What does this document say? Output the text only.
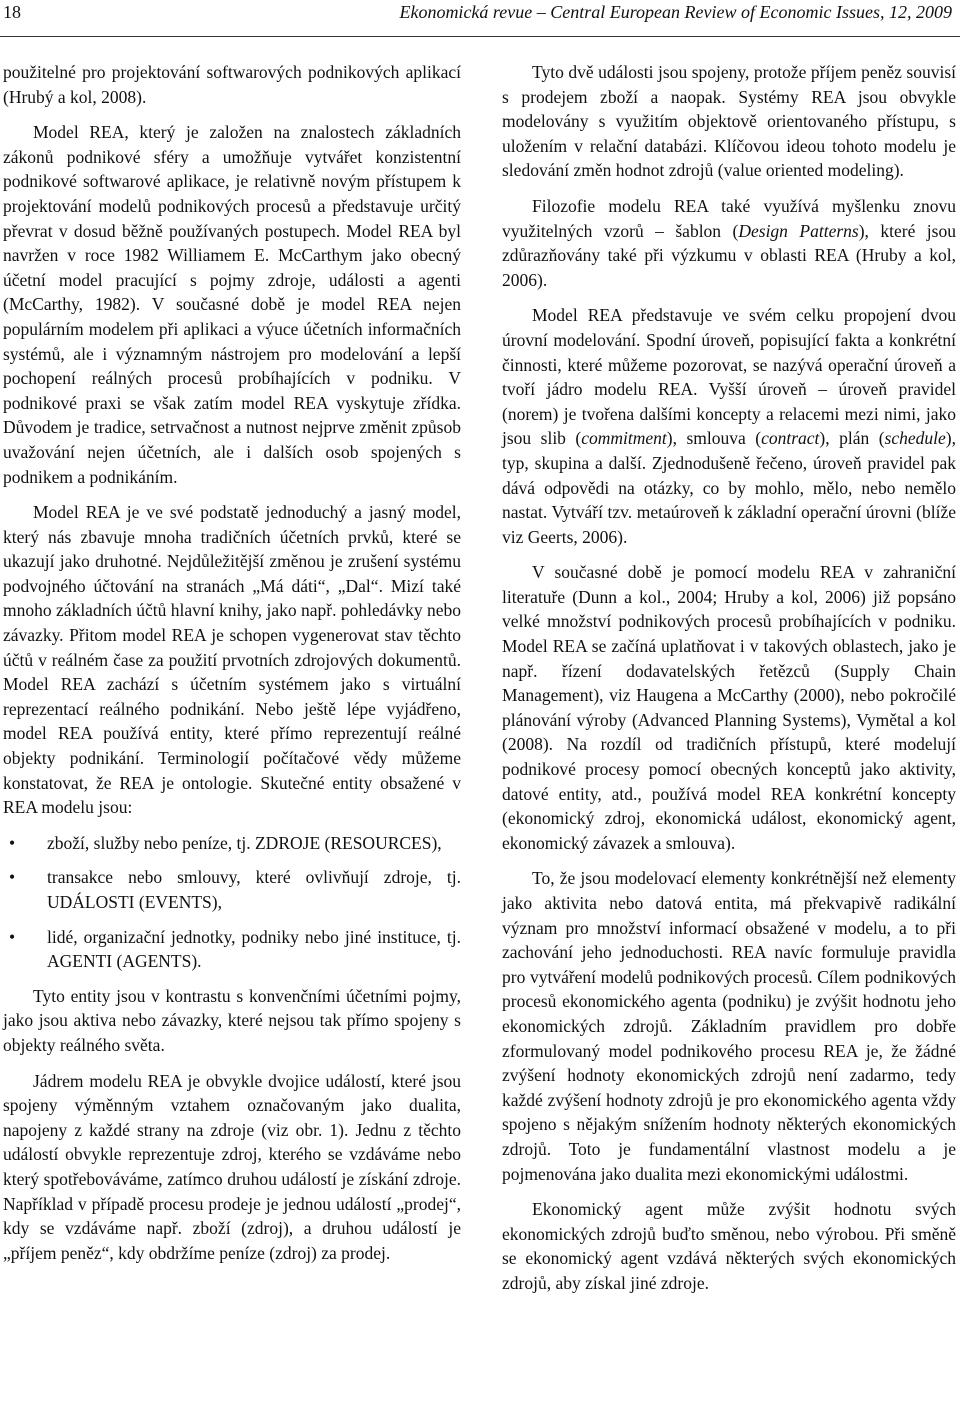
18	Ekonomická revue – Central European Review of Economic Issues, 12, 2009

použitelné pro projektování softwarových podnikových aplikací (Hrubý a kol, 2008).

Model REA, který je založen na znalostech základních zákonů podnikové sféry a umožňuje vytvářet konzistentní podnikové softwarové aplikace, je relativně novým přístupem k projektování modelů podnikových procesů a představuje určitý převrat v dosud běžně používaných postupech. Model REA byl navržen v roce 1982 Williamem E. McCarthym jako obecný účetní model pracující s pojmy zdroje, události a agenti (McCarthy, 1982). V současné době je model REA nejen populárním modelem při aplikaci a výuce účetních informačních systémů, ale i významným nástrojem pro modelování a lepší pochopení reálných procesů probíhajících v podniku. V podnikové praxi se však zatím model REA vyskytuje zřídka. Důvodem je tradice, setrvačnost a nutnost nejprve změnit způsob uvažování nejen účetních, ale i dalších osob spojených s podnikem a podnikáním.

Model REA je ve své podstatě jednoduchý a jasný model, který nás zbavuje mnoha tradičních účetních prvků, které se ukazují jako druhotné. Nejdůležitější změnou je zrušení systému podvojného účtování na stranách „Má dáti“, „Dal“. Mizí také mnoho základních účtů hlavní knihy, jako např. pohledávky nebo závazky. Přitom model REA je schopen vygenerovat stav těchto účtů v reálném čase za použití prvotních zdrojových dokumentů. Model REA zachází s účetním systémem jako s virtuální reprezentací reálného podnikání. Nebo ještě lépe vyjádřeno, model REA používá entity, které přímo reprezentují reálné objekty podnikání. Terminologií počítačové vědy můžeme konstatovat, že REA je ontologie. Skutečné entity obsažené v REA modelu jsou:

• zboží, služby nebo peníze, tj. ZDROJE (RESOURCES),
• transakce nebo smlouvy, které ovlivňují zdroje, tj. UDÁLOSTI (EVENTS),
• lidé, organizační jednotky, podniky nebo jiné instituce, tj. AGENTI (AGENTS).

Tyto entity jsou v kontrastu s konvenčními účetními pojmy, jako jsou aktiva nebo závazky, které nejsou tak přímo spojeny s objekty reálného světa.

Jádrem modelu REA je obvykle dvojice událostí, které jsou spojeny výměnným vztahem označovaným jako dualita, napojeny z každé strany na zdroje (viz obr. 1). Jednu z těchto událostí obvykle reprezentuje zdroj, kterého se vzdáváme nebo který spotřebováváme, zatímco druhou událostí je získání zdroje. Například v případě procesu prodeje je jednou událostí „prodej“, kdy se vzdáváme např. zboží (zdroj), a druhou událostí je „příjem peněz“, kdy obdržíme peníze (zdroj) za prodej.

Tyto dvě události jsou spojeny, protože příjem peněz souvisí s prodejem zboží a naopak. Systémy REA jsou obvykle modelovány s využitím objektově orientovaného přístupu, s uložením v relační databázi. Klíčovou ideou tohoto modelu je sledování změn hodnot zdrojů (value oriented modeling).

Filozofie modelu REA také využívá myšlenku znovu využitelných vzorů – šablon (Design Patterns), které jsou zdůrazňovány také při výzkumu v oblasti REA (Hruby a kol, 2006).

Model REA představuje ve svém celku propojení dvou úrovní modelování. Spodní úroveň, popisující fakta a konkrétní činnosti, které můžeme pozorovat, se nazývá operační úroveň a tvoří jádro modelu REA. Vyšší úroveň – úroveň pravidel (norem) je tvořena dalšími koncepty a relacemi mezi nimi, jako jsou slib (commitment), smlouva (contract), plán (schedule), typ, skupina a další. Zjednodušeně řečeno, úroveň pravidel pak dává odpovědi na otázky, co by mohlo, mělo, nebo nemělo nastat. Vytváří tzv. metaúroveň k základní operační úrovni (blíže viz Geerts, 2006).

V současné době je pomocí modelu REA v zahraniční literatuře (Dunn a kol., 2004; Hruby a kol, 2006) již popsáno velké množství podnikových procesů probíhajících v podniku. Model REA se začíná uplatňovat i v takových oblastech, jako je např. řízení dodavatelských řetězců (Supply Chain Management), viz Haugena a McCarthy (2000), nebo pokročilé plánování výroby (Advanced Planning Systems), Vymětal a kol (2008). Na rozdíl od tradičních přístupů, které modelují podnikové procesy pomocí obecných konceptů jako aktivity, datové entity, atd., používá model REA konkrétní koncepty (ekonomický zdroj, ekonomická událost, ekonomický agent, ekonomický závazek a smlouva).

To, že jsou modelovací elementy konkrétnější než elementy jako aktivita nebo datová entita, má překvapivě radikální význam pro množství informací obsažené v modelu, a to při zachování jeho jednoduchosti. REA navíc formuluje pravidla pro vytváření modelů podnikových procesů. Cílem podnikových procesů ekonomického agenta (podniku) je zvýšit hodnotu jeho ekonomických zdrojů. Základním pravidlem pro dobře zformulovaný model podnikového procesu REA je, že žádné zvýšení hodnoty ekonomických zdrojů není zadarmo, tedy každé zvýšení hodnoty zdrojů je pro ekonomického agenta vždy spojeno s nějakým snížením hodnoty některých ekonomických zdrojů. Toto je fundamentální vlastnost modelu a je pojmenována jako dualita mezi ekonomickými událostmi.

Ekonomický agent může zvýšit hodnotu svých ekonomických zdrojů buďto směnou, nebo výrobou. Při směně se ekonomický agent vzdává některých svých ekonomických zdrojů, aby získal jiné zdroje.
